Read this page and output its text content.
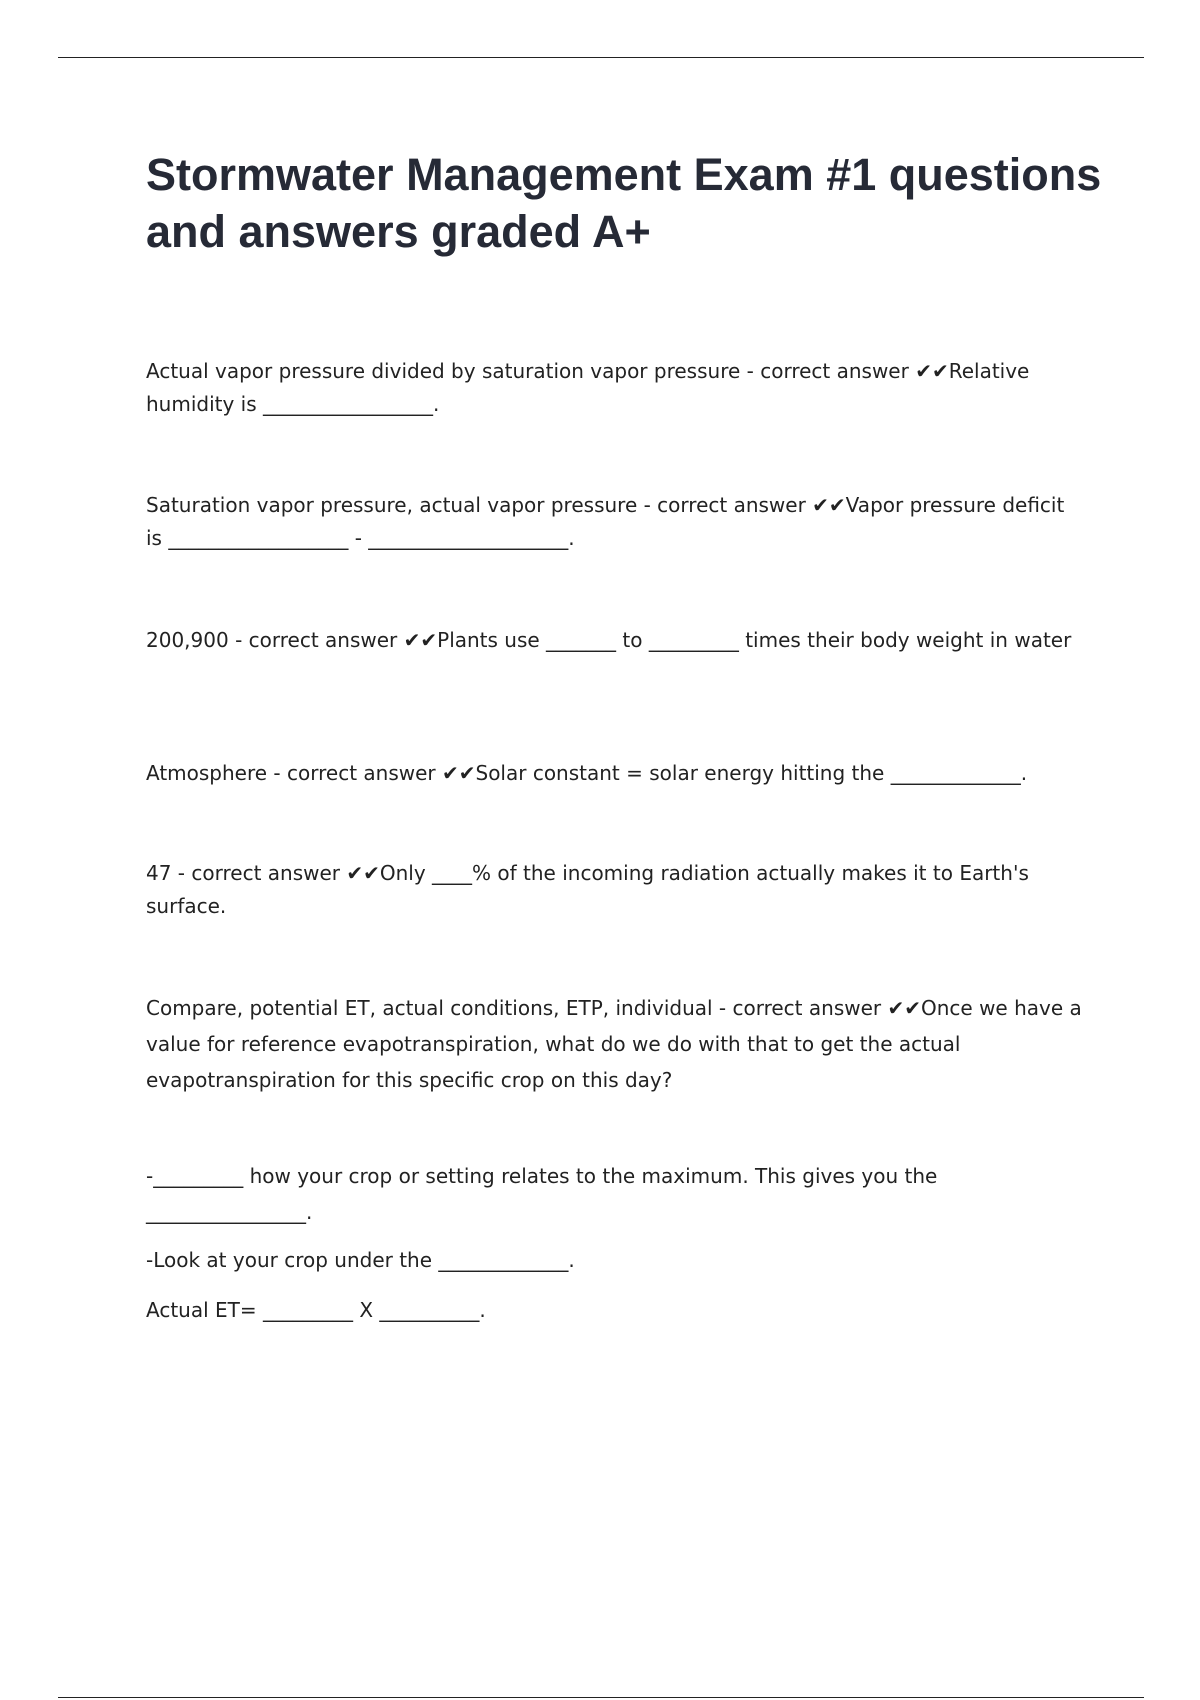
Stormwater Management Exam #1 questions and answers graded A+

Actual vapor pressure divided by saturation vapor pressure - correct answer ✔✔Relative humidity is _________________.

Saturation vapor pressure, actual vapor pressure - correct answer ✔✔Vapor pressure deficit is __________________ - ____________________.

200,900 - correct answer ✔✔Plants use _______ to _________ times their body weight in water

Atmosphere - correct answer ✔✔Solar constant = solar energy hitting the _____________.

47 - correct answer ✔✔Only ____% of the incoming radiation actually makes it to Earth's surface.

Compare, potential ET, actual conditions, ETP, individual - correct answer ✔✔Once we have a value for reference evapotranspiration, what do we do with that to get the actual evapotranspiration for this specific crop on this day?

-_________ how your crop or setting relates to the maximum. This gives you the ________________.

-Look at your crop under the _____________.

Actual ET= _________ X __________.
